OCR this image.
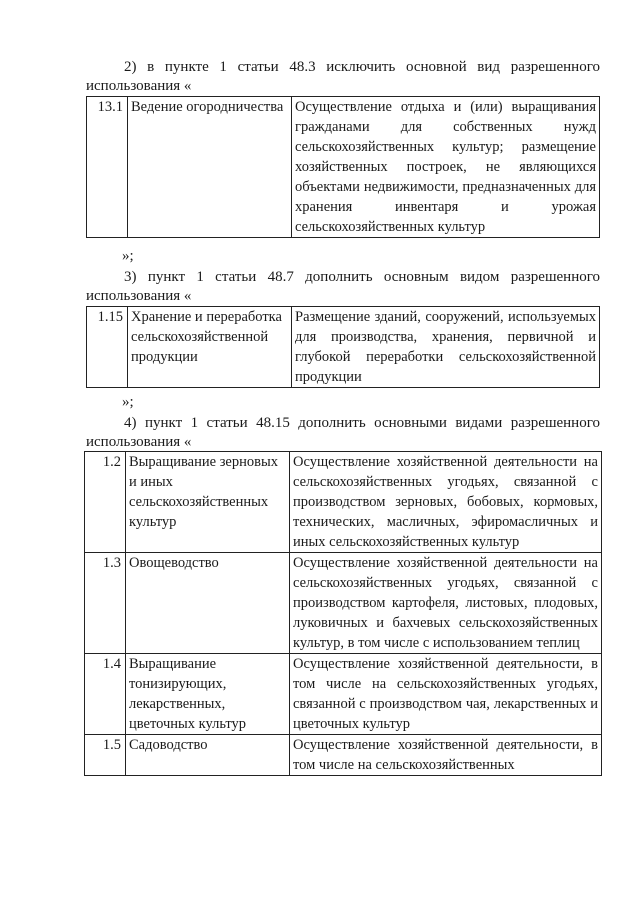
2) в пункте 1 статьи 48.3 исключить основной вид разрешенного
использования «
13.1	Ведение огородничества	Осуществление отдыха и (или) выращивания гражданами для собственных нужд сельскохозяйственных культур; размещение хозяйственных построек, не являющихся объектами недвижимости, предназначенных для хранения инвентаря и урожая сельскохозяйственных культур
»;
3) пункт 1 статьи 48.7 дополнить основным видом разрешенного
использования «
1.15	Хранение и переработка сельскохозяйственной продукции	Размещение зданий, сооружений, используемых для производства, хранения, первичной и глубокой переработки сельскохозяйственной продукции
»;
4) пункт 1 статьи 48.15 дополнить основными видами разрешенного
использования «
1.2	Выращивание зерновых и иных сельскохозяйственных культур	Осуществление хозяйственной деятельности на сельскохозяйственных угодьях, связанной с производством зерновых, бобовых, кормовых, технических, масличных, эфиромасличных и иных сельскохозяйственных культур
1.3	Овощеводство	Осуществление хозяйственной деятельности на сельскохозяйственных угодьях, связанной с производством картофеля, листовых, плодовых, луковичных и бахчевых сельскохозяйственных культур, в том числе с использованием теплиц
1.4	Выращивание тонизирующих, лекарственных, цветочных культур	Осуществление хозяйственной деятельности, в том числе на сельскохозяйственных угодьях, связанной с производством чая, лекарственных и цветочных культур
1.5	Садоводство	Осуществление хозяйственной деятельности, в том числе на сельскохозяйственных
